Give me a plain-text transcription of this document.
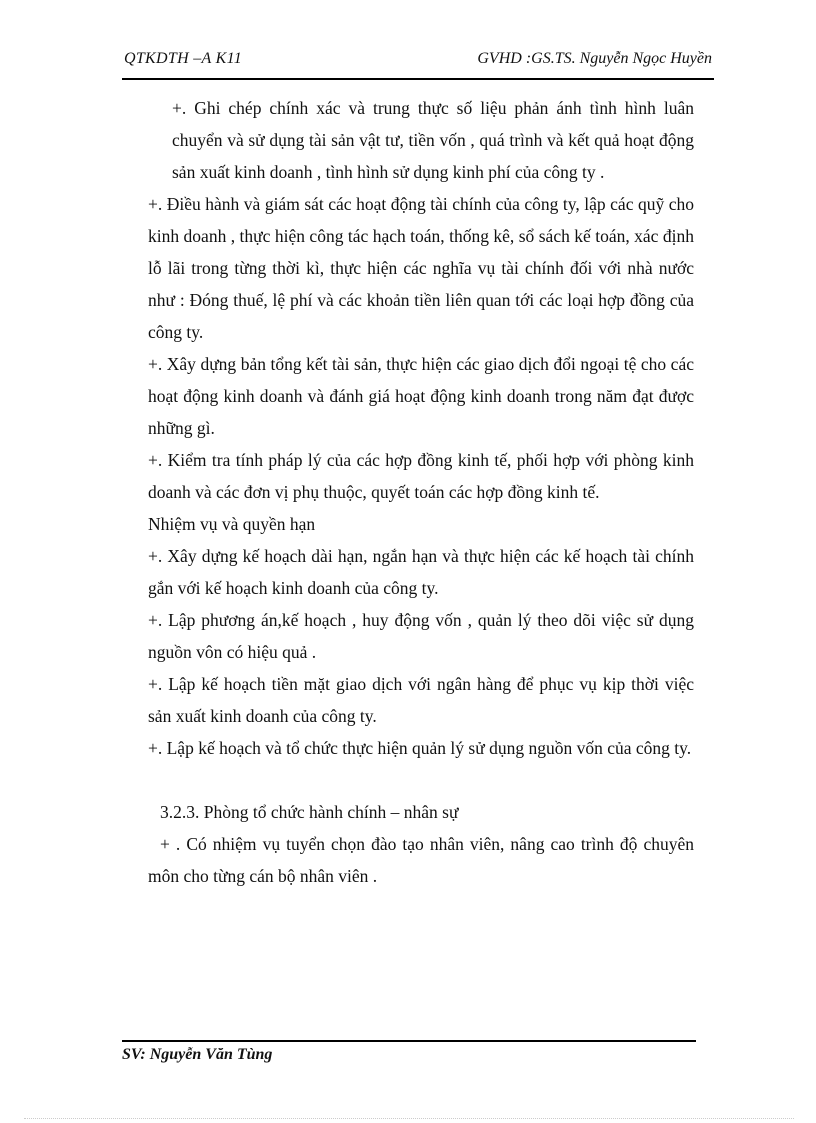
QTKDTH –A K11	GVHD :GS.TS. Nguyễn Ngọc Huyền

+. Ghi chép chính xác và trung thực số liệu phản ánh tình hình luân chuyển và sử dụng tài sản vật tư, tiền vốn , quá trình và kết quả hoạt động sản xuất kinh doanh , tình hình sử dụng kinh phí của công ty .

+. Điều hành và giám sát các hoạt động tài chính của công ty, lập các quỹ cho kinh doanh , thực hiện công tác hạch toán, thống kê, sổ sách kế toán, xác định lỗ lãi trong từng thời kì, thực hiện các nghĩa vụ tài chính đối với nhà nước như : Đóng thuế, lệ phí và các khoản tiền liên quan tới các loại hợp đồng của công ty.

+. Xây dựng bản tổng kết tài sản, thực hiện các giao dịch đổi ngoại tệ cho các hoạt động kinh doanh và đánh giá hoạt động kinh doanh trong năm đạt được những gì.

+. Kiểm tra tính pháp lý của các hợp đồng kinh tế, phối hợp với phòng kinh doanh và các đơn vị phụ thuộc, quyết toán các hợp đồng kinh tế.

Nhiệm vụ và quyền hạn

+. Xây dựng kế hoạch dài hạn, ngắn hạn và thực hiện các kế hoạch tài chính gắn với kế hoạch kinh doanh của công ty.

+. Lập phương án,kế hoạch , huy động vốn , quản lý theo dõi việc sử dụng nguồn vôn có hiệu quả .

+. Lập kế hoạch tiền mặt giao dịch với ngân hàng để phục vụ kịp thời việc sản xuất kinh doanh của công ty.

+. Lập kế hoạch và tổ chức thực hiện quản lý sử dụng nguồn vốn của công ty.

3.2.3. Phòng tổ chức hành chính – nhân sự

+ . Có nhiệm vụ tuyển chọn đào tạo nhân viên, nâng cao trình độ chuyên môn cho từng cán bộ nhân viên .

SV: Nguyễn Văn Tùng
